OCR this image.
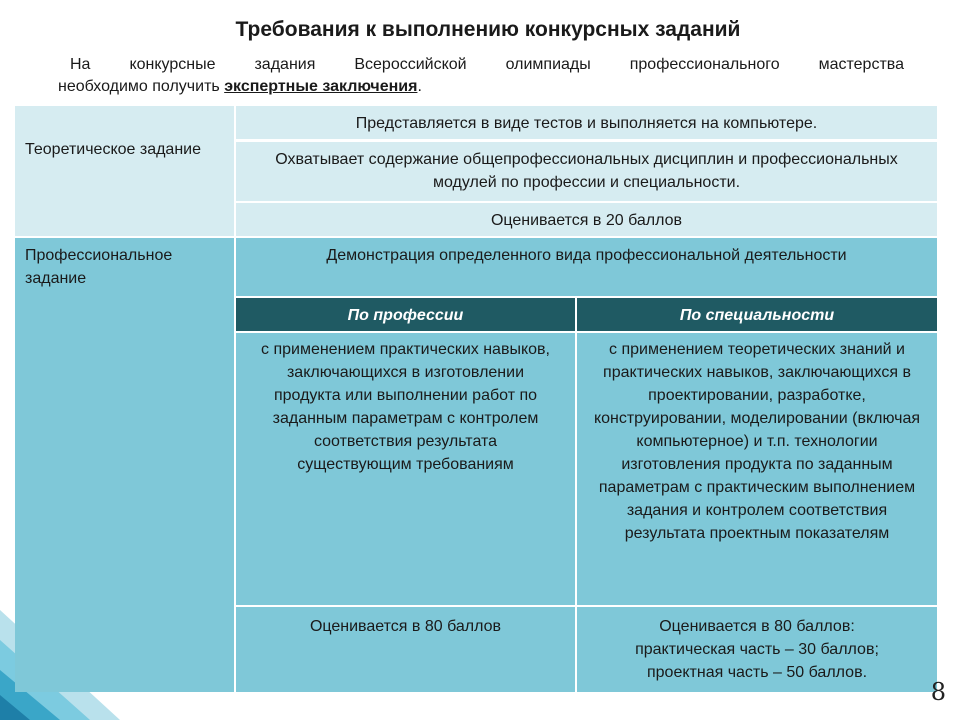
Требования к выполнению конкурсных заданий
На конкурсные задания Всероссийской олимпиады профессионального мастерства
необходимо получить экспертные заключения.
Теоретическое задание
Представляется в виде тестов и выполняется на компьютере.
Охватывает содержание общепрофессиональных дисциплин и профессиональных модулей по профессии и специальности.
Оценивается в 20 баллов
Профессиональное задание
Демонстрация определенного вида профессиональной деятельности
По профессии	По специальности
с применением практических навыков, заключающихся в изготовлении продукта или выполнении работ по заданным параметрам с контролем соответствия результата существующим требованиям
с применением теоретических знаний и практических навыков, заключающихся в проектировании, разработке, конструировании, моделировании (включая компьютерное) и т.п. технологии изготовления продукта по заданным параметрам с практическим выполнением задания и контролем соответствия результата проектным показателям
Оценивается в 80 баллов	Оценивается в 80 баллов:
практическая часть – 30 баллов;
проектная часть – 50 баллов.
8
